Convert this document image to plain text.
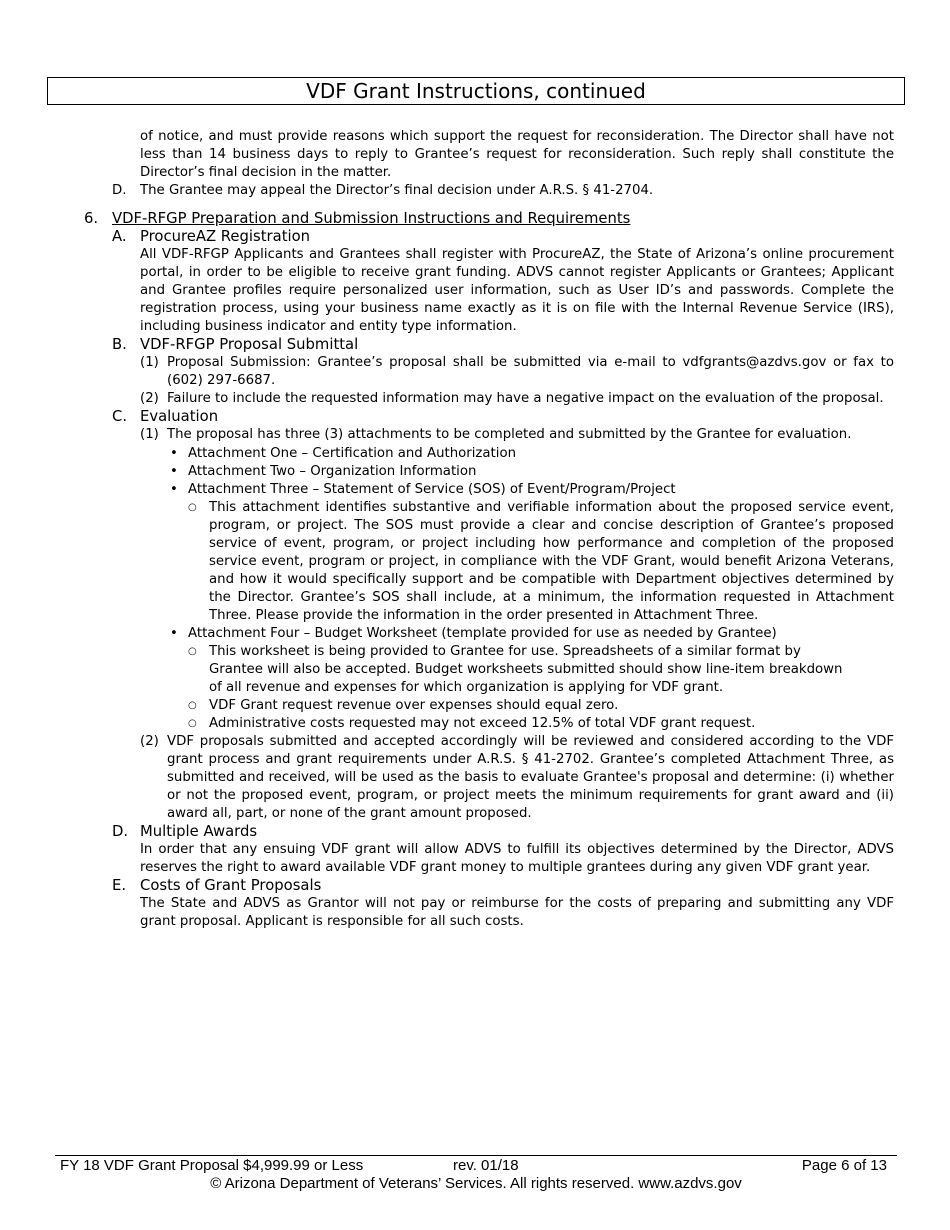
VDF Grant Instructions, continued

of notice, and must provide reasons which support the request for reconsideration. The Director shall have not less than 14 business days to reply to Grantee’s request for reconsideration. Such reply shall constitute the Director’s final decision in the matter.

D. The Grantee may appeal the Director’s final decision under A.R.S. § 41-2704.
6. VDF-RFGP Preparation and Submission Instructions and Requirements
A. ProcureAZ Registration

All VDF-RFGP Applicants and Grantees shall register with ProcureAZ, the State of Arizona’s online procurement portal, in order to be eligible to receive grant funding. ADVS cannot register Applicants or Grantees; Applicant and Grantee profiles require personalized user information, such as User ID’s and passwords. Complete the registration process, using your business name exactly as it is on file with the Internal Revenue Service (IRS), including business indicator and entity type information.

B. VDF-RFGP Proposal Submittal
(1) Proposal Submission: Grantee’s proposal shall be submitted via e-mail to vdfgrants@azdvs.gov or fax to (602) 297-6687.
(2) Failure to include the requested information may have a negative impact on the evaluation of the proposal.
C. Evaluation
(1) The proposal has three (3) attachments to be completed and submitted by the Grantee for evaluation.
• Attachment One – Certification and Authorization
• Attachment Two – Organization Information
• Attachment Three – Statement of Service (SOS) of Event/Program/Project
○ This attachment identifies substantive and verifiable information about the proposed service event, program, or project. The SOS must provide a clear and concise description of Grantee’s proposed service of event, program, or project including how performance and completion of the proposed service event, program or project, in compliance with the VDF Grant, would benefit Arizona Veterans, and how it would specifically support and be compatible with Department objectives determined by the Director. Grantee’s SOS shall include, at a minimum, the information requested in Attachment Three. Please provide the information in the order presented in Attachment Three.
• Attachment Four – Budget Worksheet (template provided for use as needed by Grantee)
○ This worksheet is being provided to Grantee for use. Spreadsheets of a similar format by Grantee will also be accepted. Budget worksheets submitted should show line-item breakdown of all revenue and expenses for which organization is applying for VDF grant.
○ VDF Grant request revenue over expenses should equal zero.
○ Administrative costs requested may not exceed 12.5% of total VDF grant request.
(2) VDF proposals submitted and accepted accordingly will be reviewed and considered according to the VDF grant process and grant requirements under A.R.S. § 41-2702. Grantee’s completed Attachment Three, as submitted and received, will be used as the basis to evaluate Grantee's proposal and determine: (i) whether or not the proposed event, program, or project meets the minimum requirements for grant award and (ii) award all, part, or none of the grant amount proposed.
D. Multiple Awards

In order that any ensuing VDF grant will allow ADVS to fulfill its objectives determined by the Director, ADVS reserves the right to award available VDF grant money to multiple grantees during any given VDF grant year.

E. Costs of Grant Proposals

The State and ADVS as Grantor will not pay or reimburse for the costs of preparing and submitting any VDF grant proposal. Applicant is responsible for all such costs.

FY 18 VDF Grant Proposal $4,999.99 or Less	rev. 01/18	Page 6 of 13
© Arizona Department of Veterans’ Services. All rights reserved. www.azdvs.gov
